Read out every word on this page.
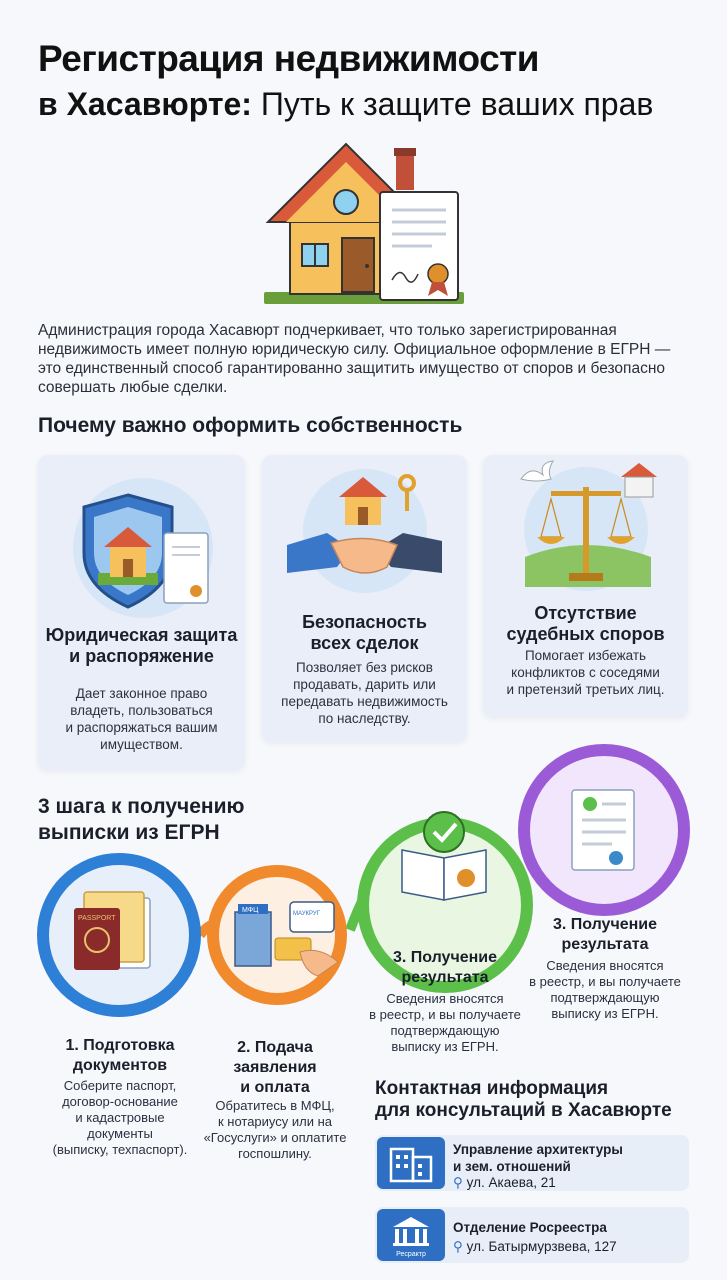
Регистрация недвижимости
в Хасавюрте: Путь к защите ваших прав
Администрация города Хасавюрт подчеркивает, что только зарегистрированная недвижимость имеет полную юридическую силу. Официальное оформление в ЕГРН — это единственный способ гарантированно защитить имущество от споров и безопасно совершать любые сделки.
Почему важно оформить собственность
Юридическая защита
и распоряжение
Дает законное право
владеть, пользоваться
и распоряжаться вашим
имуществом.
Безопасность
всех сделок
Позволяет без рисков
продавать, дарить или
передавать недвижимость
по наследству.
Отсутствие
судебных споров
Помогает избежать
конфликтов с соседями
и претензий третьих лиц.
3 шага к получению
выписки из ЕГРН
PASSPORT
МФЦ	МАУКРУГ
1. Подготовка
документов
Соберите паспорт,
договор-основание
и кадастровые
документы
(выписку, техпаспорт).
2. Подача
заявления
и оплата
Обратитесь в МФЦ,
к нотариусу или на
«Госуслуги» и оплатите
госпошлину.
3. Получение
результата
Сведения вносятся
в реестр, и вы получаете
подтверждающую
выписку из ЕГРН.
3. Получение
результата
Сведения вносятся
в реестр, и вы получаете
подтверждающую
выписку из ЕГРН.
Контактная информация
для консультаций в Хасавюрте
Управление архитектуры
и зем. отношений
⚲ ул. Акаева, 21
Ресрактр
Отделение Росреестра
⚲ ул. Батырмурзвева, 127
